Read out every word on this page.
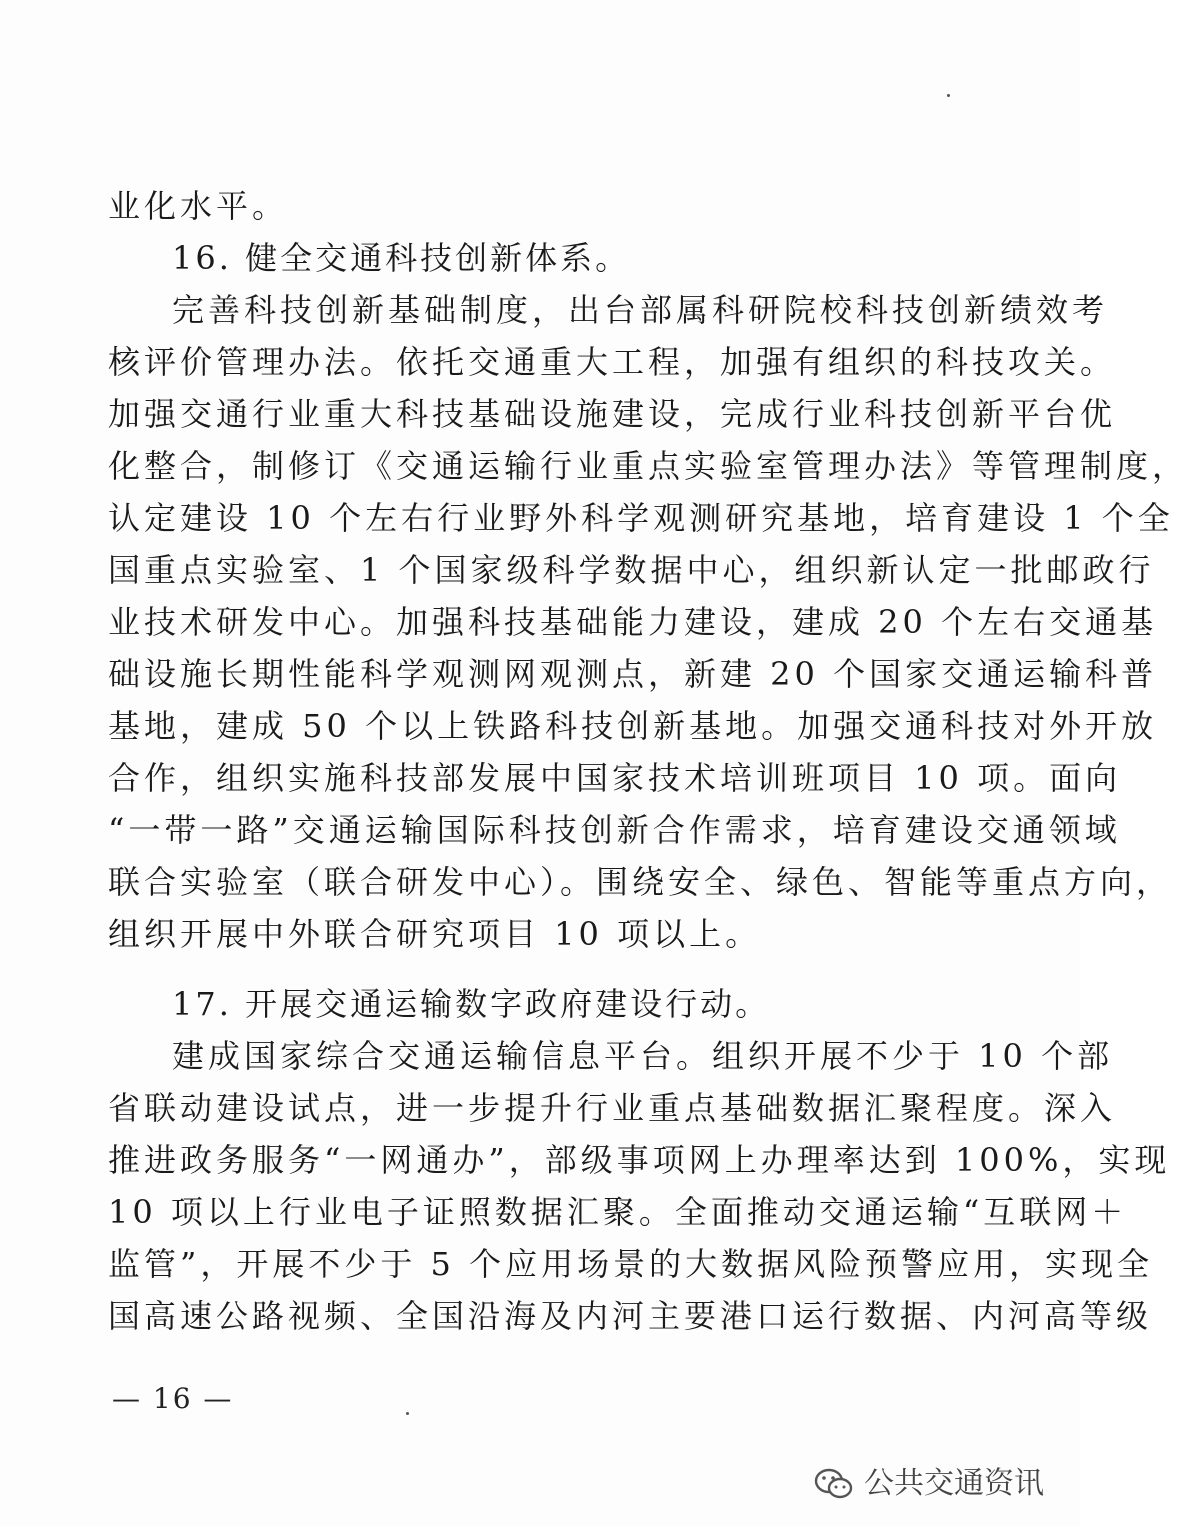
业化水平。
16. 健全交通科技创新体系。
完善科技创新基础制度，出台部属科研院校科技创新绩效考
核评价管理办法。依托交通重大工程，加强有组织的科技攻关。
加强交通行业重大科技基础设施建设，完成行业科技创新平台优
化整合，制修订《交通运输行业重点实验室管理办法》等管理制度，
认定建设 10 个左右行业野外科学观测研究基地，培育建设 1 个全
国重点实验室、1 个国家级科学数据中心，组织新认定一批邮政行
业技术研发中心。加强科技基础能力建设，建成 20 个左右交通基
础设施长期性能科学观测网观测点，新建 20 个国家交通运输科普
基地，建成 50 个以上铁路科技创新基地。加强交通科技对外开放
合作，组织实施科技部发展中国家技术培训班项目 10 项。面向
“一带一路”交通运输国际科技创新合作需求，培育建设交通领域
联合实验室（联合研发中心）。围绕安全、绿色、智能等重点方向，
组织开展中外联合研究项目 10 项以上。
17. 开展交通运输数字政府建设行动。
建成国家综合交通运输信息平台。组织开展不少于 10 个部
省联动建设试点，进一步提升行业重点基础数据汇聚程度。深入
推进政务服务“一网通办”，部级事项网上办理率达到 100%，实现
10 项以上行业电子证照数据汇聚。全面推动交通运输“互联网＋
监管”，开展不少于 5 个应用场景的大数据风险预警应用，实现全
国高速公路视频、全国沿海及内河主要港口运行数据、内河高等级
— 16 —
公共交通资讯
